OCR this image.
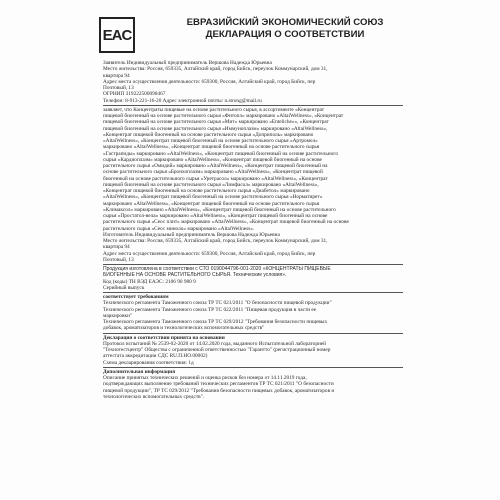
EAC
ЕВРАЗИЙСКИЙ ЭКОНОМИЧЕСКИЙ СОЮЗ
ДЕКЛАРАЦИЯ О СООТВЕТСТВИИ
Заявитель Индивидуальный предприниматель Вершова Надежда Юрьевна
Место жительства: Россия, 659335, Алтайский край, город Бийск, переулок Коммунарский, дом 31,
квартира 94
Адрес места осуществления деятельности: 659300, Россия, Алтайский край, город Бийск, пер
Почтовый, 13
ОГРНИП 319222500090467
Телефон: 8-913-221-16-20 Адрес электронной почты: n.strong@mail.ru
заявляет, что Концентраты пищевые на основе растительного сырья, в ассортименте «Концентрат
пищевой биогенный на основе растительного сырья «Фитопл» маркировано «AltaiWellness», «Концентрат
пищевой биогенный на основе растительного сырья «Мит» маркировано «Enteliche»», «Концентрат
пищевой биогенный на основе растительного сырья «Иммуноплазм» маркировано «AltaiWellness»,
«Концентрат пищевой биогенный на основе растительного сырья «Доприполь» маркировано
«AltaiWellness», «Концентрат пищевой биогенный на основе растительного сырья «Артромол»
маркировано «AltaiWellness», «Концентрат пищевой биогенный на основе растительного сырья
«Гастрапиды» маркировано «AltaiWellness», «Концентрат пищевой биогенный на основе растительного
сырья «Кардиоплазм» маркировано «AltaiWellness», «Концентрат пищевой биогенный на основе
растительного сырья «Омидий» маркировано «AltaiWellness», «Концентрат пищевой биогенный на
основе растительного сырья «Бронхоплазм» маркировано «AltaiWellness», «Концентрат пищевой
биогенный на основе растительного сырья «Уретрасол» маркировано «AltaiWellness», «Концентрат
пищевой биогенный на основе растительного сырья «Лимфасол» маркировано «AltaiWellness»,
«Концентрат пищевой биогенный на основе растительного сырья «Диабетол» маркировано
«AltaiWellness», «Концентрат пищевой биогенный на основе растительного сырья «Норматирет»
маркировано «AltaiWellness», «Концентрат пищевой биогенный на основе растительного сырья
«Климаксол» маркировано «AltaiWellness», «Концентрат пищевой биогенный на основе растительного
сырья «Простатол-вела» маркировано «AltaiWellness», «Концентрат пищевой биогенный на основе
растительного сырья «Сеос плит» маркировано «AltaiWellness», «Концентрат пищевой биогенный на основе
растительного сырья «Сеос миноло» маркировано «AltaiWellness».
Изготовитель Индивидуальный предприниматель Вершова Надежда Юрьевна
Место жительства: Россия, 659335, Алтайский край, город Бийск, переулок Коммунарский, дом 31,
квартира 94
Адрес места осуществления деятельности: 659300, Россия, Алтайский край, город Бийск, пер
Почтовый, 13
Продукция изготовлена в соответствии с СТО 0190044796-001-2020 «КОНЦЕНТРАТЫ ПИЩЕВЫЕ
БИОГЕННЫЕ НА ОСНОВЕ РАСТИТЕЛЬНОГО СЫРЬЯ. Технические условия».
Код (коды) ТН ВЭД ЕАЭС: 2106 90 980 9
Серийный выпуск
соответствует требованиям
Технического регламента Таможенного союза ТР ТС 021/2011 "О безопасности пищевой продукции"
Технического регламента Таможенного союза ТР ТС 022/2011 "Пищевая продукция в части ее
маркировки"
Технического регламента Таможенного союза ТР ТС 029/2012 "Требования безопасности пищевых
добавок, ароматизаторов и технологических вспомогательных средств"
Декларация о соответствии принята на основании
Протокол испытаний № 2539-02-2020 от 14.02.2020 года, выданного Испытательной лабораторией
"Технотестцентр" Общества с ограниченной ответственностью "Гарантто" (регистрационный номер
аттестата аккредитации СДС RU.П.НО.00002)
Схема декларирования соответствия: 1д
Дополнительная информация
Описание принятых технических решений и оценка рисков без номера от 14.11.2019 года,
подтверждающих выполнение требований технических регламентов ТР ТС 021/2011 "О безопасности
пищевой продукции", ТР ТС 029/2012 "Требования безопасности пищевых добавок, ароматизаторов и
технологических вспомогательных средств".
